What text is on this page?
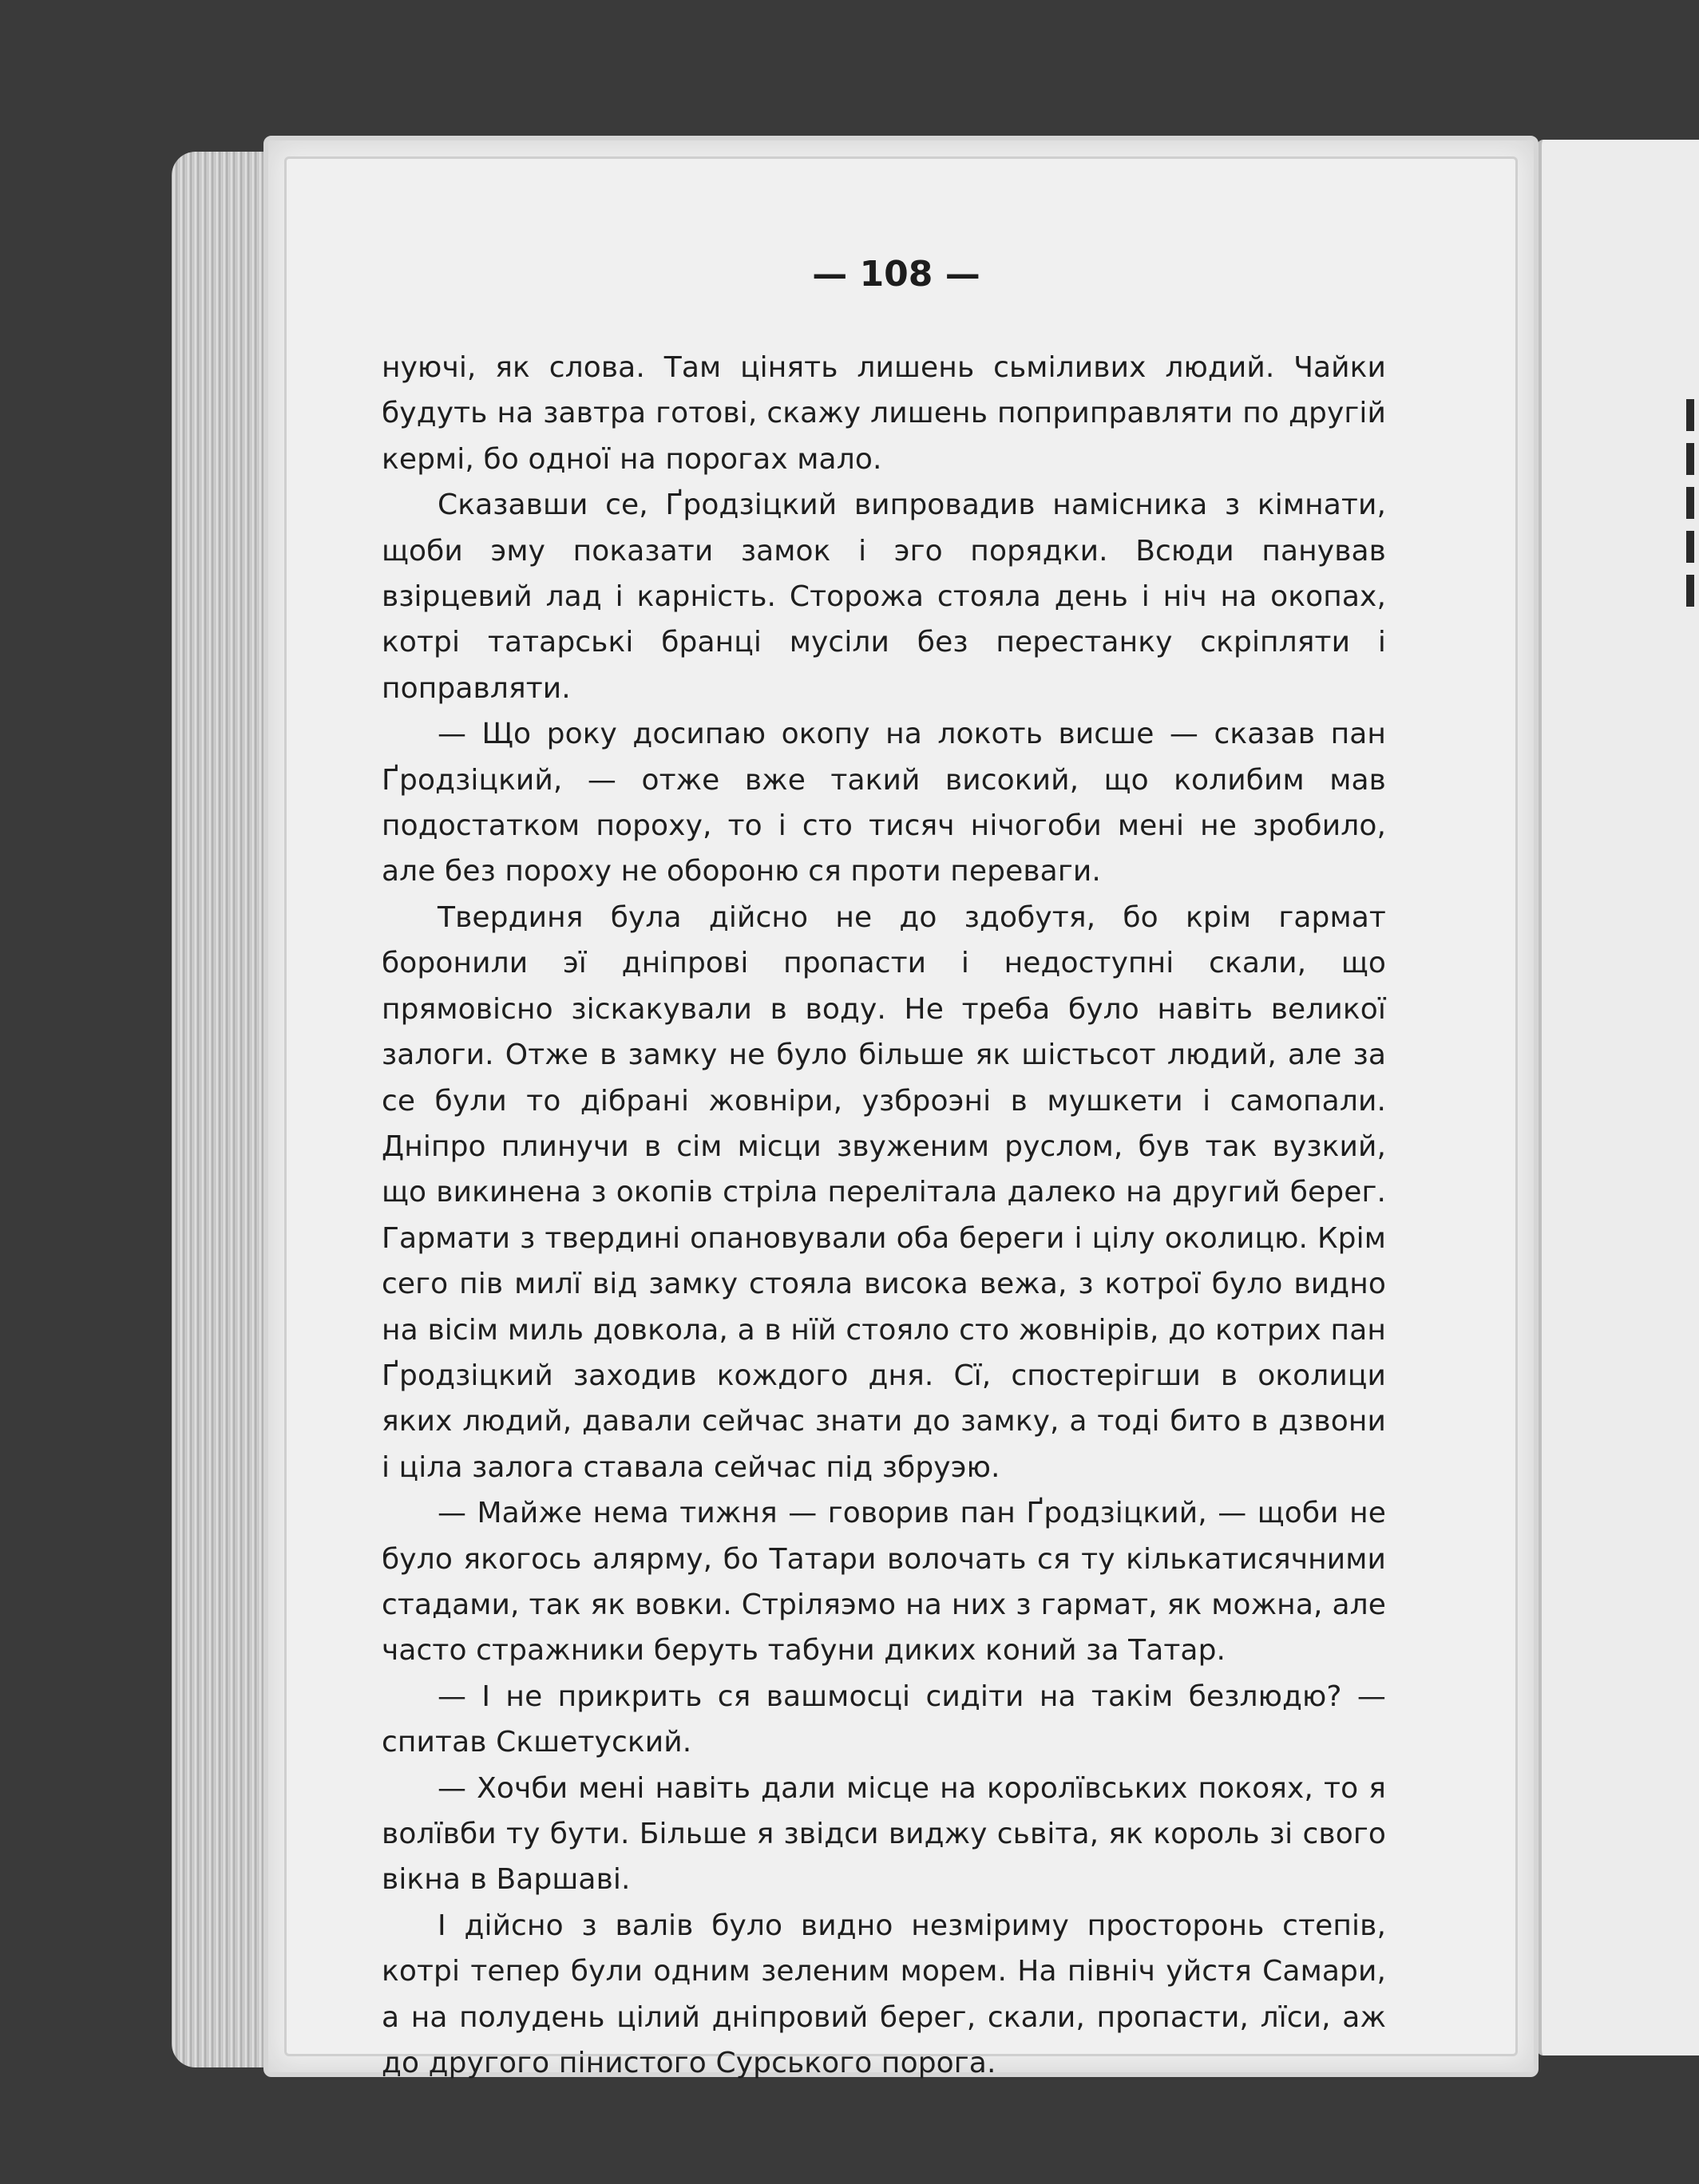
— 108 —

нуючі, як слова. Там цінять лишень сьміливих людий. Чайки будуть на завтра готові, скажу лишень поприправляти по другій кермі, бо одної на порогах мало.

Сказавши се, Ґродзіцкий випровадив намісника з кімнати, щоби эму показати замок і эго порядки. Всюди панував взірцевий лад і карність. Сторожа стояла день і ніч на окопах, котрі татарські бранці мусіли без перестанку скріпляти і поправляти.

— Що року досипаю окопу на локоть висше — сказав пан Ґродзіцкий, — отже вже такий високий, що колибим мав подостатком пороху, то і сто тисяч нічогоби мені не зробило, але без пороху не обороню ся проти переваги.

Твердиня була дійсно не до здобутя, бо крім гармат боронили эї дніпрові пропасти і недоступні скали, що прямовісно зіскакували в воду. Не треба було навіть великої залоги. Отже в замку не було більше як шістьсот людий, але за се були то дібрані жовніри, узброэні в мушкети і самопали. Дніпро плинучи в сім місци звуженим руслом, був так вузкий, що викинена з окопів стріла перелітала далеко на другий берег. Гармати з твердині опановували оба береги і цілу околицю. Крім сего пів милї від замку стояла висока вежа, з котрої було видно на вісім миль довкола, а в нїй стояло сто жовнірів, до котрих пан Ґродзіцкий заходив кождого дня. Сї, спостерігши в околици яких людий, давали сейчас знати до замку, а тоді бито в дзвони і ціла залога ставала сейчас під збруэю.

— Майже нема тижня — говорив пан Ґродзіцкий, — щоби не було якогось алярму, бо Татари волочать ся ту кількатисячними стадами, так як вовки. Стріляэмо на них з гармат, як можна, але часто стражники беруть табуни диких коний за Татар.

— І не прикрить ся вашмосці сидіти на такім безлюдю? — спитав Скшетуский.

— Хочби мені навіть дали місце на королївських покоях, то я волївби ту бути. Більше я звідси виджу сьвіта, як король зі свого вікна в Варшаві.

І дійсно з валів було видно незміриму просторонь степів, котрі тепер були одним зеленим морем. На північ уйстя Самари, а на полудень цілий дніпровий берег, скали, пропасти, лїси, аж до другого пінистого Сурського порога.
